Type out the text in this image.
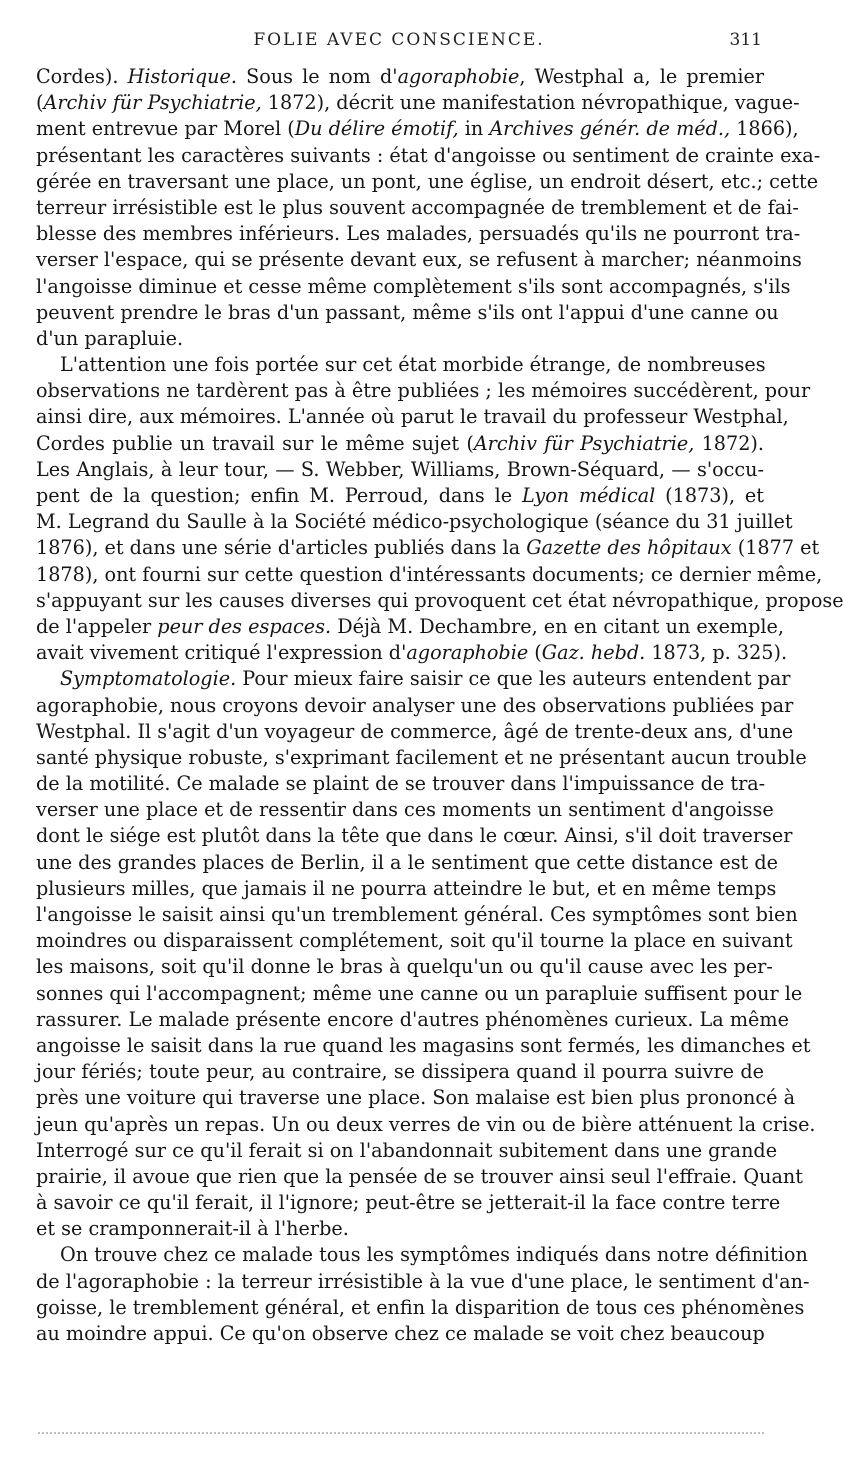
FOLIE AVEC CONSCIENCE.	311

Cordes). Historique. Sous le nom d'agoraphobie, Westphal a, le premier
(Archiv für Psychiatrie, 1872), décrit une manifestation névropathique, vague-
ment entrevue par Morel (Du délire émotif, in Archives génér. de méd., 1866),
présentant les caractères suivants : état d'angoisse ou sentiment de crainte exa-
gérée en traversant une place, un pont, une église, un endroit désert, etc.; cette
terreur irrésistible est le plus souvent accompagnée de tremblement et de fai-
blesse des membres inférieurs. Les malades, persuadés qu'ils ne pourront tra-
verser l'espace, qui se présente devant eux, se refusent à marcher; néanmoins
l'angoisse diminue et cesse même complètement s'ils sont accompagnés, s'ils
peuvent prendre le bras d'un passant, même s'ils ont l'appui d'une canne ou
d'un parapluie.

L'attention une fois portée sur cet état morbide étrange, de nombreuses
observations ne tardèrent pas à être publiées ; les mémoires succédèrent, pour
ainsi dire, aux mémoires. L'année où parut le travail du professeur Westphal,
Cordes publie un travail sur le même sujet (Archiv für Psychiatrie, 1872).
Les Anglais, à leur tour, — S. Webber, Williams, Brown-Séquard, — s'occu-
pent de la question; enfin M. Perroud, dans le Lyon médical (1873), et
M. Legrand du Saulle à la Société médico-psychologique (séance du 31 juillet
1876), et dans une série d'articles publiés dans la Gazette des hôpitaux (1877 et
1878), ont fourni sur cette question d'intéressants documents; ce dernier même,
s'appuyant sur les causes diverses qui provoquent cet état névropathique, propose
de l'appeler peur des espaces. Déjà M. Dechambre, en en citant un exemple,
avait vivement critiqué l'expression d'agoraphobie (Gaz. hebd. 1873, p. 325).

Symptomatologie. Pour mieux faire saisir ce que les auteurs entendent par
agoraphobie, nous croyons devoir analyser une des observations publiées par
Westphal. Il s'agit d'un voyageur de commerce, âgé de trente-deux ans, d'une
santé physique robuste, s'exprimant facilement et ne présentant aucun trouble
de la motilité. Ce malade se plaint de se trouver dans l'impuissance de tra-
verser une place et de ressentir dans ces moments un sentiment d'angoisse
dont le siége est plutôt dans la tête que dans le cœur. Ainsi, s'il doit traverser
une des grandes places de Berlin, il a le sentiment que cette distance est de
plusieurs milles, que jamais il ne pourra atteindre le but, et en même temps
l'angoisse le saisit ainsi qu'un tremblement général. Ces symptômes sont bien
moindres ou disparaissent complétement, soit qu'il tourne la place en suivant
les maisons, soit qu'il donne le bras à quelqu'un ou qu'il cause avec les per-
sonnes qui l'accompagnent; même une canne ou un parapluie suffisent pour le
rassurer. Le malade présente encore d'autres phénomènes curieux. La même
angoisse le saisit dans la rue quand les magasins sont fermés, les dimanches et
jour fériés; toute peur, au contraire, se dissipera quand il pourra suivre de
près une voiture qui traverse une place. Son malaise est bien plus prononcé à
jeun qu'après un repas. Un ou deux verres de vin ou de bière atténuent la crise.
Interrogé sur ce qu'il ferait si on l'abandonnait subitement dans une grande
prairie, il avoue que rien que la pensée de se trouver ainsi seul l'effraie. Quant
à savoir ce qu'il ferait, il l'ignore; peut-être se jetterait-il la face contre terre
et se cramponnerait-il à l'herbe.

On trouve chez ce malade tous les symptômes indiqués dans notre définition
de l'agoraphobie : la terreur irrésistible à la vue d'une place, le sentiment d'an-
goisse, le tremblement général, et enfin la disparition de tous ces phénomènes
au moindre appui. Ce qu'on observe chez ce malade se voit chez beaucoup
